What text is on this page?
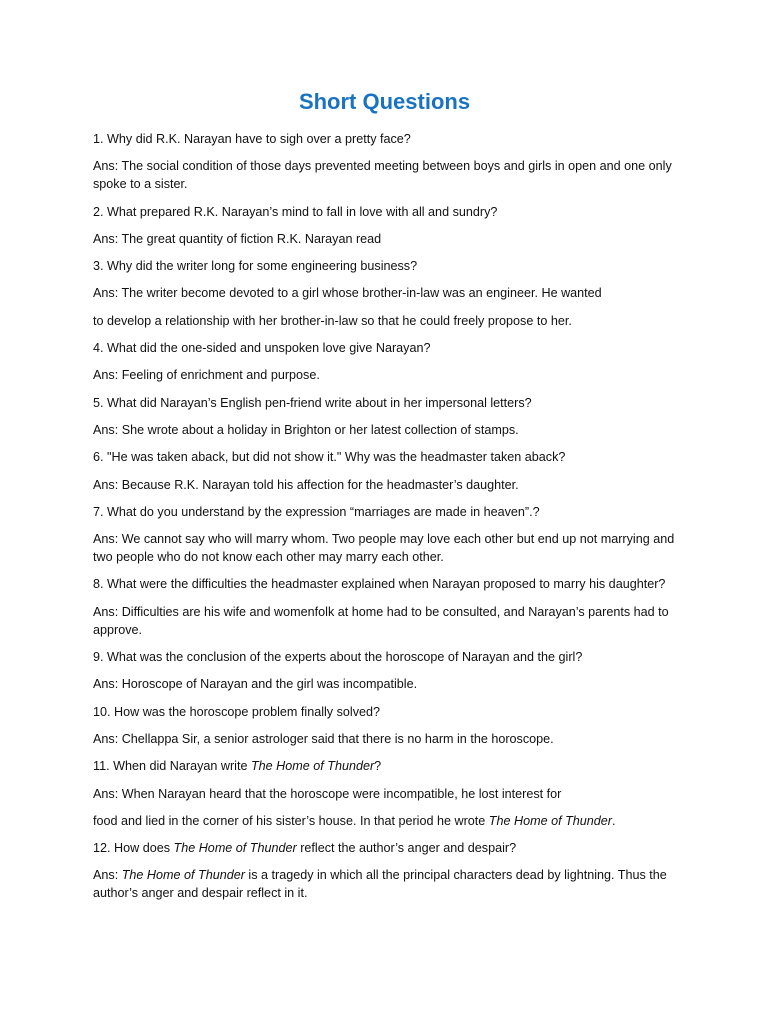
Short Questions

1. Why did R.K. Narayan have to sigh over a pretty face?

Ans: The social condition of those days prevented meeting between boys and girls in open and one only spoke to a sister.

2. What prepared R.K. Narayan’s mind to fall in love with all and sundry?

Ans: The great quantity of fiction R.K. Narayan read

3. Why did the writer long for some engineering business?

Ans: The writer become devoted to a girl whose brother-in-law was an engineer. He wanted

to develop a relationship with her brother-in-law so that he could freely propose to her.

4. What did the one-sided and unspoken love give Narayan?

Ans: Feeling of enrichment and purpose.

5. What did Narayan’s English pen-friend write about in her impersonal letters?

Ans: She wrote about a holiday in Brighton or her latest collection of stamps.

6. "He was taken aback, but did not show it." Why was the headmaster taken aback?

Ans: Because R.K. Narayan told his affection for the headmaster’s daughter.

7. What do you understand by the expression “marriages are made in heaven”.?

Ans: We cannot say who will marry whom. Two people may love each other but end up not marrying and two people who do not know each other may marry each other.

8. What were the difficulties the headmaster explained when Narayan proposed to marry his daughter?

Ans: Difficulties are his wife and womenfolk at home had to be consulted, and Narayan’s parents had to approve.

9. What was the conclusion of the experts about the horoscope of Narayan and the girl?

Ans: Horoscope of Narayan and the girl was incompatible.

10. How was the horoscope problem finally solved?

Ans: Chellappa Sir, a senior astrologer said that there is no harm in the horoscope.

11. When did Narayan write The Home of Thunder?

Ans: When Narayan heard that the horoscope were incompatible, he lost interest for

food and lied in the corner of his sister’s house. In that period he wrote The Home of Thunder.

12. How does The Home of Thunder reflect the author’s anger and despair?

Ans: The Home of Thunder is a tragedy in which all the principal characters dead by lightning. Thus the author’s anger and despair reflect in it.
